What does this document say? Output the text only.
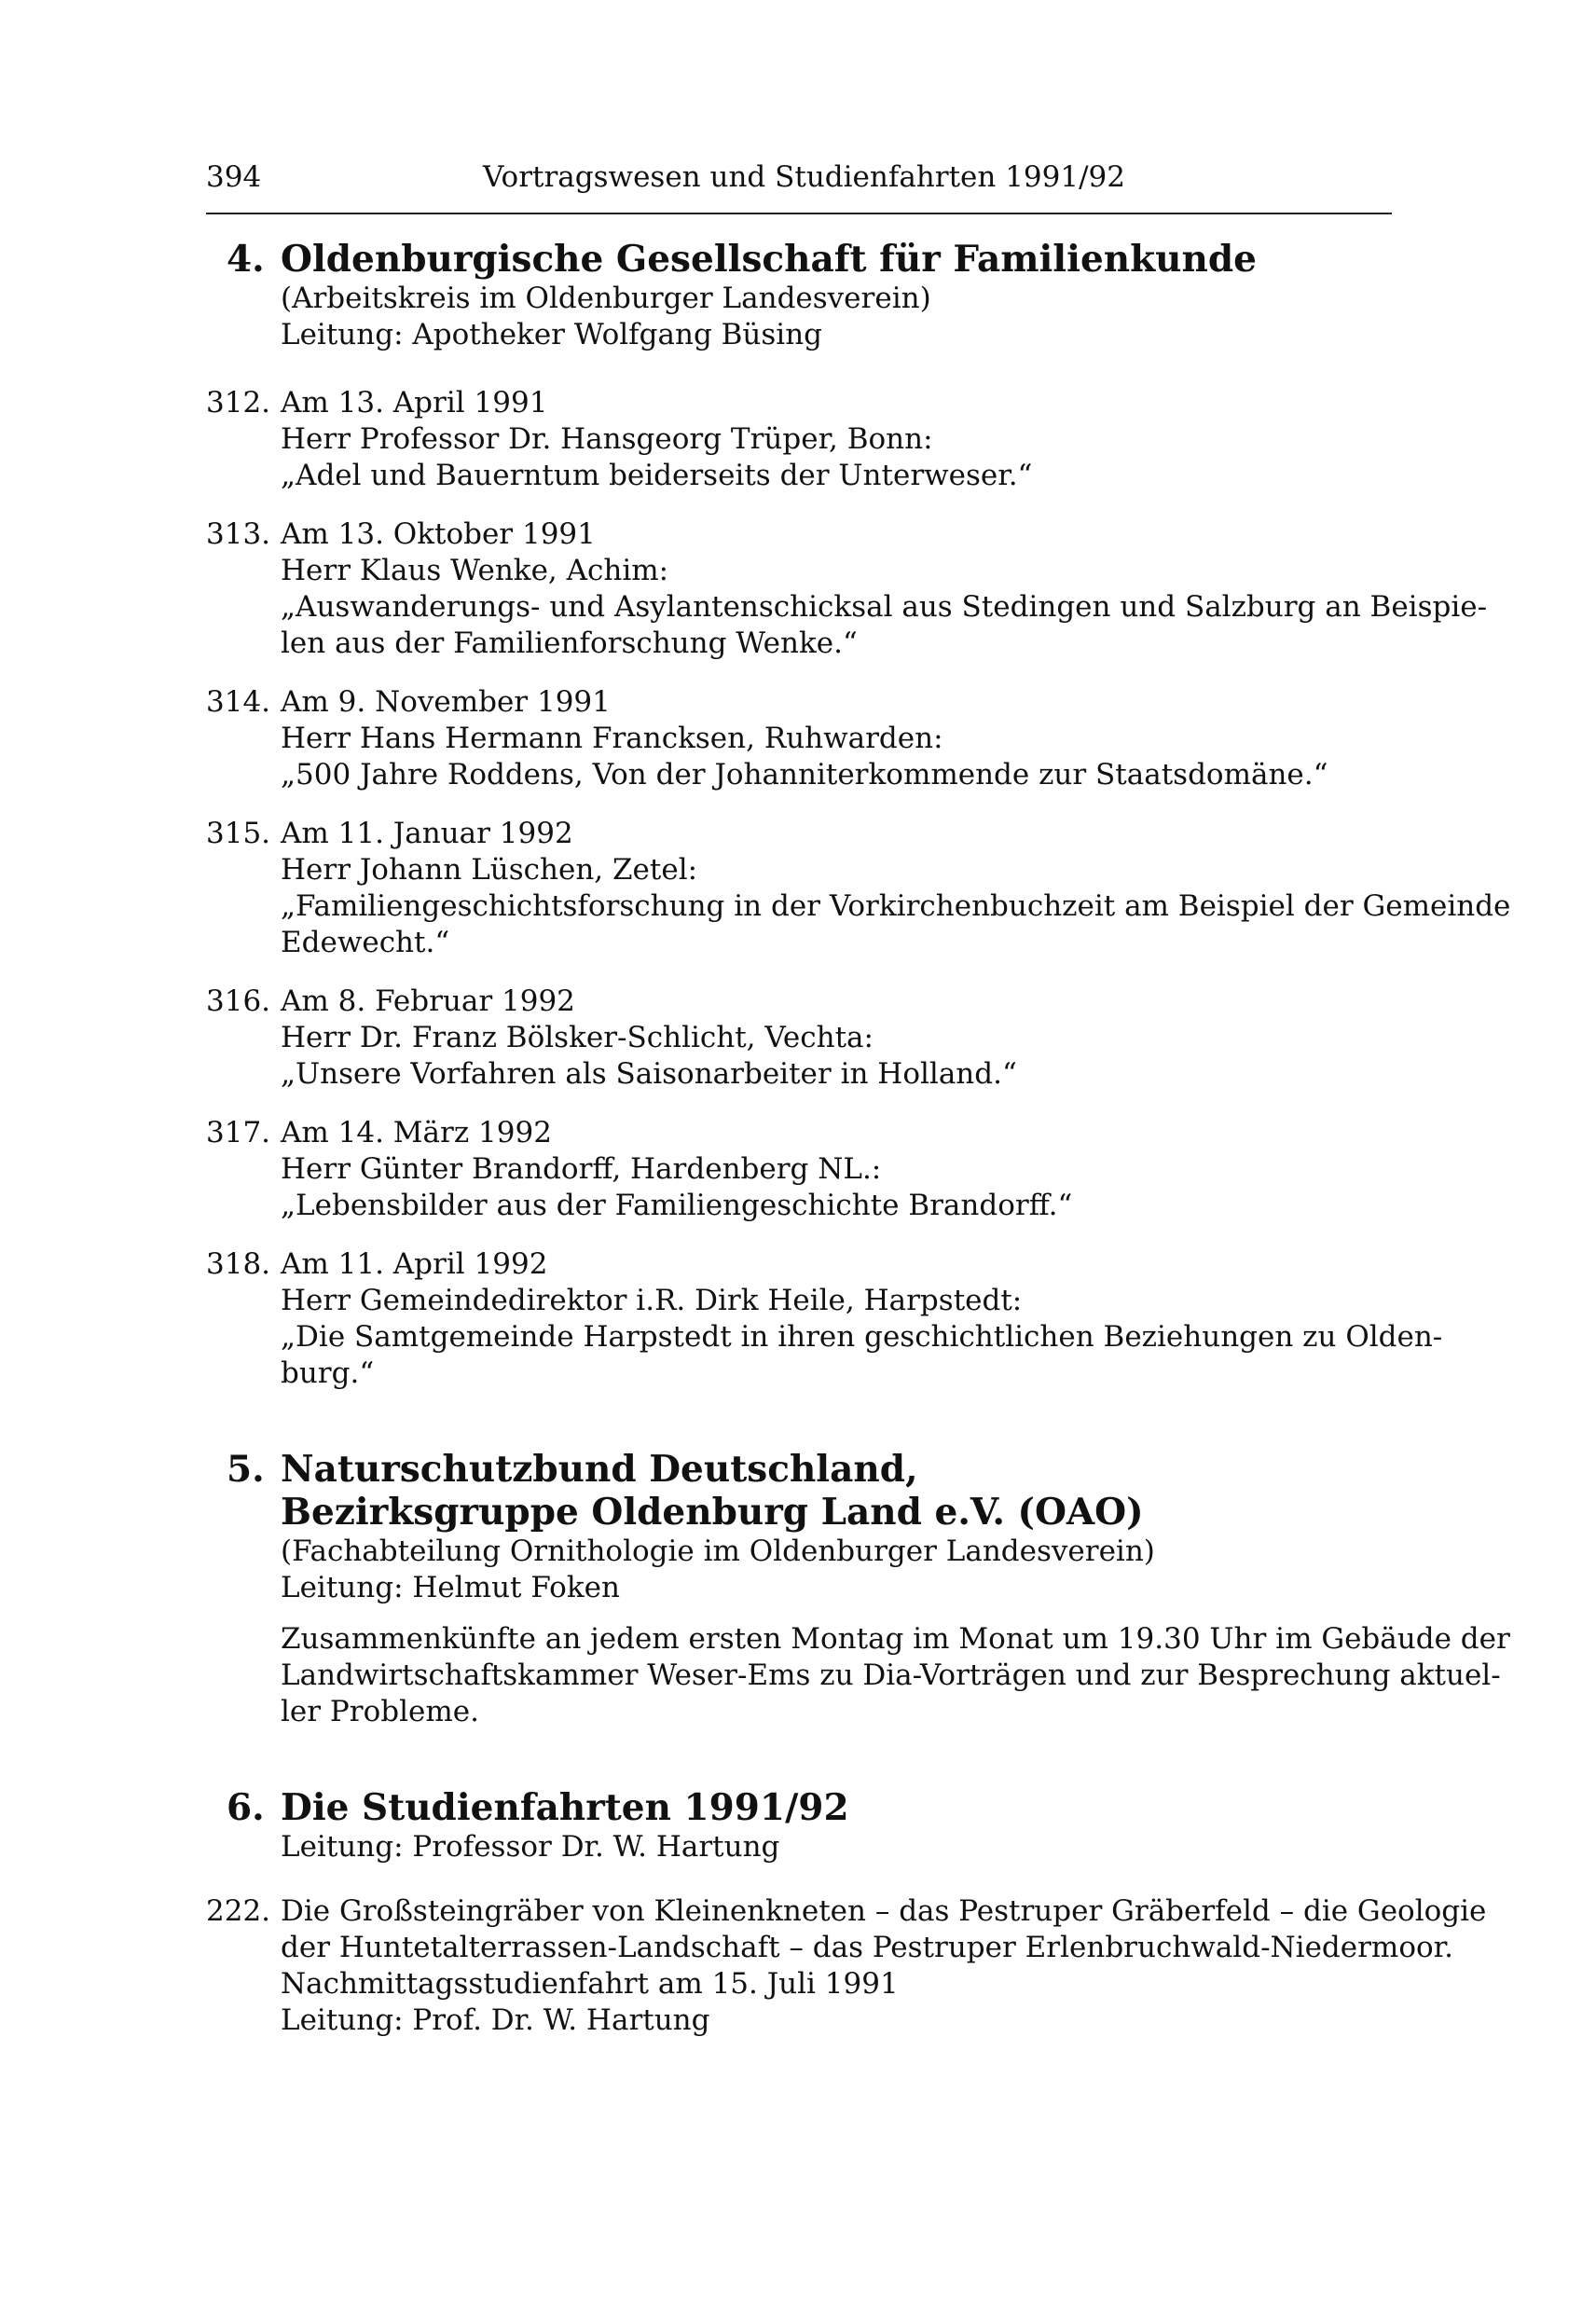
394	Vortragswesen und Studienfahrten 1991/92
4. Oldenburgische Gesellschaft für Familienkunde
(Arbeitskreis im Oldenburger Landesverein)
Leitung: Apotheker Wolfgang Büsing
312. Am 13. April 1991
Herr Professor Dr. Hansgeorg Trüper, Bonn:
„Adel und Bauerntum beiderseits der Unterweser.“
313. Am 13. Oktober 1991
Herr Klaus Wenke, Achim:
„Auswanderungs- und Asylantenschicksal aus Stedingen und Salzburg an Beispie-
len aus der Familienforschung Wenke.“
314. Am 9. November 1991
Herr Hans Hermann Francksen, Ruhwarden:
„500 Jahre Roddens, Von der Johanniterkommende zur Staatsdomäne.“
315. Am 11. Januar 1992
Herr Johann Lüschen, Zetel:
„Familiengeschichtsforschung in der Vorkirchenbuchzeit am Beispiel der Gemeinde
Edewecht.“
316. Am 8. Februar 1992
Herr Dr. Franz Bölsker-Schlicht, Vechta:
„Unsere Vorfahren als Saisonarbeiter in Holland.“
317. Am 14. März 1992
Herr Günter Brandorff, Hardenberg NL.:
„Lebensbilder aus der Familiengeschichte Brandorff.“
318. Am 11. April 1992
Herr Gemeindedirektor i.R. Dirk Heile, Harpstedt:
„Die Samtgemeinde Harpstedt in ihren geschichtlichen Beziehungen zu Olden-
burg.“
5. Naturschutzbund Deutschland,
Bezirksgruppe Oldenburg Land e.V. (OAO)
(Fachabteilung Ornithologie im Oldenburger Landesverein)
Leitung: Helmut Foken
Zusammenkünfte an jedem ersten Montag im Monat um 19.30 Uhr im Gebäude der
Landwirtschaftskammer Weser-Ems zu Dia-Vorträgen und zur Besprechung aktuel-
ler Probleme.
6. Die Studienfahrten 1991/92
Leitung: Professor Dr. W. Hartung
222. Die Großsteingräber von Kleinenkneten – das Pestruper Gräberfeld – die Geologie
der Huntetalterrassen-Landschaft – das Pestruper Erlenbruchwald-Niedermoor.
Nachmittagsstudienfahrt am 15. Juli 1991
Leitung: Prof. Dr. W. Hartung
